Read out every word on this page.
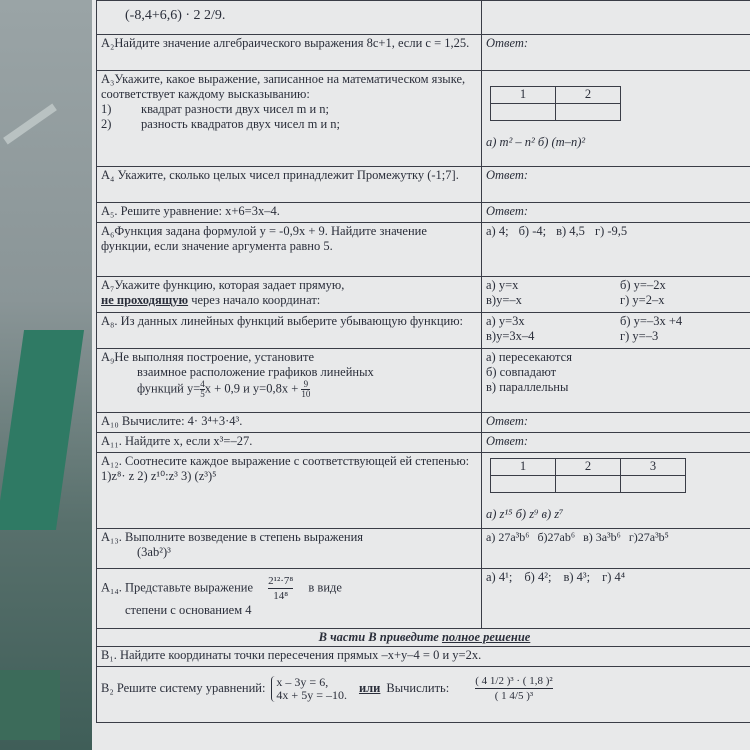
(-8,4+6,6) · 2 2/9.	
А₂Найдите значение алгебраического выражения 8с+1, если с = 1,25.	Ответ:

А₃Укажите, какое выражение, записанное на математическом языке, соответствует каждому высказыванию:
1) квадрат разности двух чисел m и n;
2) разность квадратов двух чисел m и n;

1	2

а) m² – n² б) (m–n)²

А₄ Укажите, сколько целых чисел принадлежит Промежутку (-1;7].	Ответ:
А₅. Решите уравнение: х+6=3х–4.	Ответ:
А₆Функция задана формулой у = -0,9х + 9. Найдите значение функции, если значение аргумента равно 5.	
а) 4; б) -4; в) 4,5 г) -9,5

А₇Укажите функцию, которая задает прямую,
не проходящую через начало координат:	
а) у=х	б) у=–2х
в)у=–х	г) у=2–х

А₈. Из данных линейных функций выберите убывающую функцию:	а) у=3х	б) у=–3х +4
в)у=3х–4	г) у=–3

А₉Не выполняя построение, установите
взаимное расположение графиков линейных
функций $у= \frac{4}{5}$ х + 0,9 и $у=0,8х + \frac{9}{10}$

а) пересекаются
б) совпадают
в) параллельны

А₁₀ Вычислите: 4· 3⁴+3·4³.	Ответ:
А₁₁. Найдите х, если х³=–27.	Ответ:

А₁₂. Соотнесите каждое выражение с соответствующей ей степенью:
1)z⁸· z 2) z¹⁰:z³ 3) (z³)⁵

1	2	3

а) z¹⁵ б) z⁹ в) z⁷

А₁₃. Выполните возведение в степень выражения
(3ab²)³

а) 27a³b⁶ б)27ab⁶ в) 3a³b⁶ г)27a³b⁵

А₁₄. Представьте выражение $\frac{\text{2¹²·7⁸}}{\text{14⁸}}$ в виде
степени с основанием 4

а) 4¹; б) 4²; в) 4³; г) 4⁴

В части В приведите полное решение
В₁. Найдите координаты точки пересечения прямых –х+у–4 = 0 и у=2х.

В₂ Решите систему уравнений: х – 3у = 6,
4х + 5у = –10. или Вычислить: $\frac{\text{( 4 1/2 )³ · ( 1,8 )²}}{\text{( 1 4/5 )³}}$
